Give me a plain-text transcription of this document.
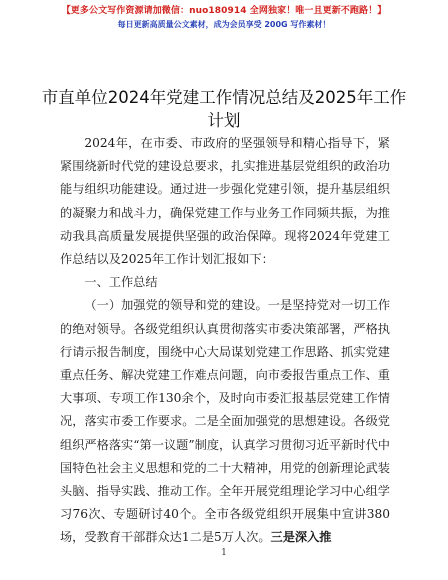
【更多公文写作资源请加微信：nuo180914 全网独家！唯一且更新不跑路！】
每日更新高质量公文素材，成为会员享受 200G 写作素材！
市直单位2024年党建工作情况总结及2025年工作计划

2024年，在市委、市政府的坚强领导和精心指导下，紧紧围绕新时代党的建设总要求，扎实推进基层党组织的政治功能与组织功能建设。通过进一步强化党建引领，提升基层组织的凝聚力和战斗力，确保党建工作与业务工作同频共振，为推动我具高质量发展提供坚强的政治保障。现将2024年党建工作总结以及2025年工作计划汇报如下：

一、工作总结

（一）加强党的领导和党的建设。一是坚持党对一切工作的绝对领导。各级党组织认真贯彻落实市委决策部署，严格执行请示报告制度，围绕中心大局谋划党建工作思路、抓实党建重点任务、解决党建工作难点问题，向市委报告重点工作、重大事项、专项工作130余个，及时向市委汇报基层党建工作情况，落实市委工作要求。二是全面加强党的思想建设。各级党组织严格落实“第一议题”制度，认真学习贯彻习近平新时代中国特色社会主义思想和党的二十大精神，用党的创新理论武装头脑、指导实践、推动工作。全年开展党组理论学习中心组学习76次、专题研讨40个。全市各级党组织开展集中宣讲380场，受教育干部群众达1二是5万人次。三是深入推

1
